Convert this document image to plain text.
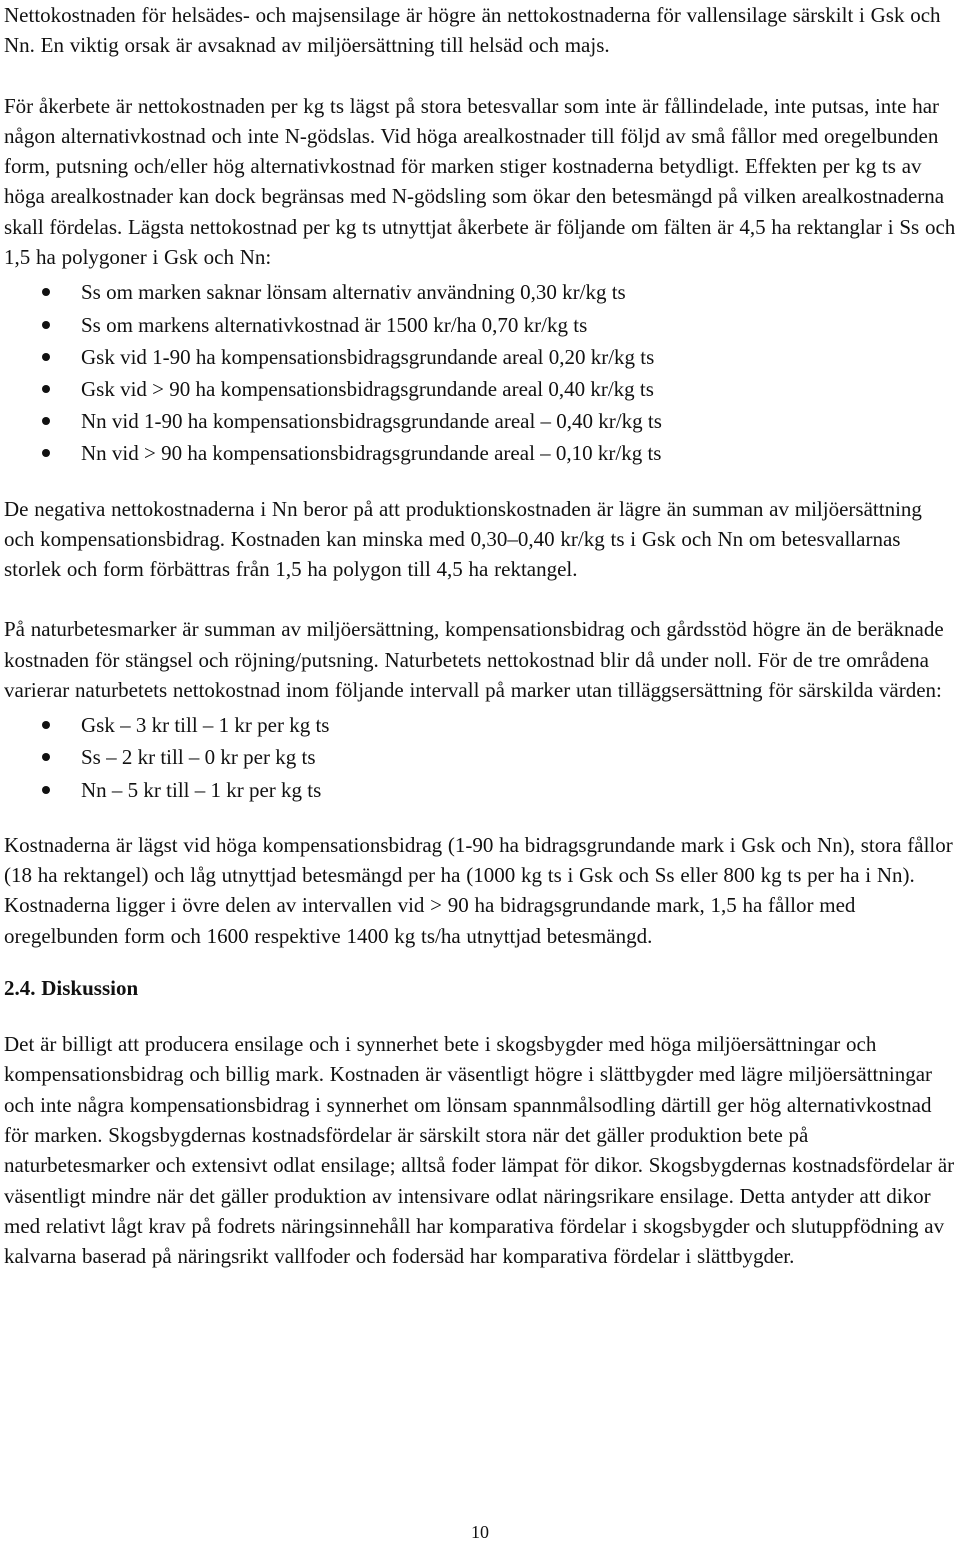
Nettokostnaden för helsädes- och majsensilage är högre än nettokostnaderna för vallensilage särskilt i Gsk och Nn. En viktig orsak är avsaknad av miljöersättning till helsäd och majs.

För åkerbete är nettokostnaden per kg ts lägst på stora betesvallar som inte är fållindelade, inte putsas, inte har någon alternativkostnad och inte N-gödslas. Vid höga arealkostnader till följd av små fållor med oregelbunden form, putsning och/eller hög alternativkostnad för marken stiger kostnaderna betydligt. Effekten per kg ts av höga arealkostnader kan dock begränsas med N-gödsling som ökar den betesmängd på vilken arealkostnaderna skall fördelas. Lägsta nettokostnad per kg ts utnyttjat åkerbete är följande om fälten är 4,5 ha rektanglar i Ss och 1,5 ha polygoner i Gsk och Nn:

Ss om marken saknar lönsam alternativ användning 0,30 kr/kg ts
Ss om markens alternativkostnad är 1500 kr/ha 0,70 kr/kg ts
Gsk vid 1-90 ha kompensationsbidragsgrundande areal 0,20 kr/kg ts
Gsk vid > 90 ha kompensationsbidragsgrundande areal 0,40 kr/kg ts
Nn vid 1-90 ha kompensationsbidragsgrundande areal – 0,40 kr/kg ts
Nn vid > 90 ha kompensationsbidragsgrundande areal – 0,10 kr/kg ts

De negativa nettokostnaderna i Nn beror på att produktionskostnaden är lägre än summan av miljöersättning och kompensationsbidrag. Kostnaden kan minska med 0,30–0,40 kr/kg ts i Gsk och Nn om betesvallarnas storlek och form förbättras från 1,5 ha polygon till 4,5 ha rektangel.

På naturbetesmarker är summan av miljöersättning, kompensationsbidrag och gårdsstöd högre än de beräknade kostnaden för stängsel och röjning/putsning. Naturbetets nettokostnad blir då under noll. För de tre områdena varierar naturbetets nettokostnad inom följande intervall på marker utan tilläggsersättning för särskilda värden:

Gsk – 3 kr till – 1 kr per kg ts
Ss – 2 kr till – 0 kr per kg ts
Nn – 5 kr till – 1 kr per kg ts

Kostnaderna är lägst vid höga kompensationsbidrag (1-90 ha bidragsgrundande mark i Gsk och Nn), stora fållor (18 ha rektangel) och låg utnyttjad betesmängd per ha (1000 kg ts i Gsk och Ss eller 800 kg ts per ha i Nn). Kostnaderna ligger i övre delen av intervallen vid > 90 ha bidragsgrundande mark, 1,5 ha fållor med oregelbunden form och 1600 respektive 1400 kg ts/ha utnyttjad betesmängd.

2.4. Diskussion

Det är billigt att producera ensilage och i synnerhet bete i skogsbygder med höga miljöersättningar och kompensationsbidrag och billig mark. Kostnaden är väsentligt högre i slättbygder med lägre miljöersättningar och inte några kompensationsbidrag i synnerhet om lönsam spannmålsodling därtill ger hög alternativkostnad för marken. Skogsbygdernas kostnadsfördelar är särskilt stora när det gäller produktion bete på naturbetesmarker och extensivt odlat ensilage; alltså foder lämpat för dikor. Skogsbygdernas kostnadsfördelar är väsentligt mindre när det gäller produktion av intensivare odlat näringsrikare ensilage. Detta antyder att dikor med relativt lågt krav på fodrets näringsinnehåll har komparativa fördelar i skogsbygder och slutuppfödning av kalvarna baserad på näringsrikt vallfoder och fodersäd har komparativa fördelar i slättbygder.

10
